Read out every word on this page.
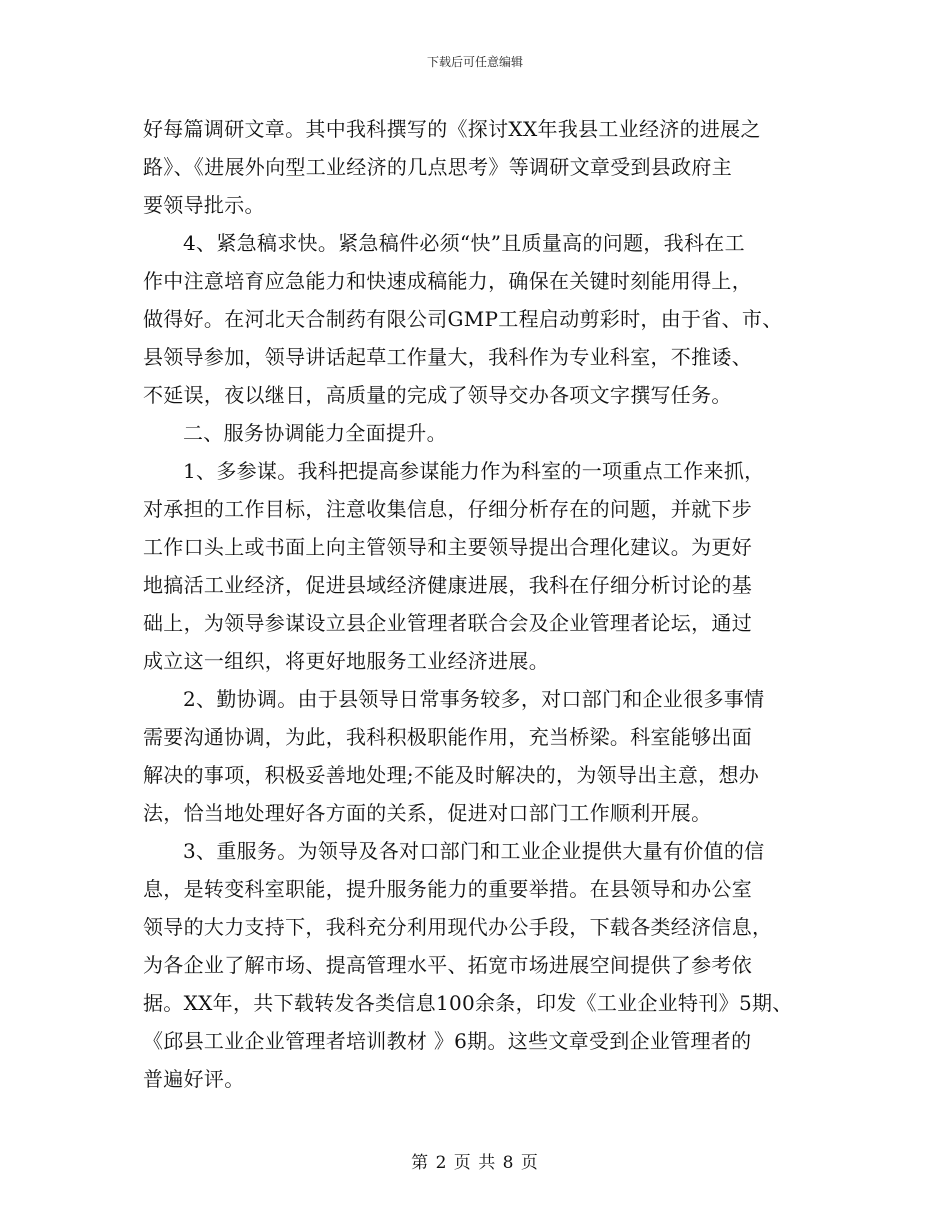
下载后可任意编辑
好每篇调研文章。其中我科撰写的《探讨XX年我县工业经济的进展之
路》、《进展外向型工业经济的几点思考》等调研文章受到县政府主
要领导批示。
4、紧急稿求快。紧急稿件必须“快”且质量高的问题，我科在工
作中注意培育应急能力和快速成稿能力，确保在关键时刻能用得上，
做得好。在河北天合制药有限公司GMP工程启动剪彩时，由于省、市、
县领导参加，领导讲话起草工作量大，我科作为专业科室，不推诿、
不延误，夜以继日，高质量的完成了领导交办各项文字撰写任务。
二、服务协调能力全面提升。
1、多参谋。我科把提高参谋能力作为科室的一项重点工作来抓，
对承担的工作目标，注意收集信息，仔细分析存在的问题，并就下步
工作口头上或书面上向主管领导和主要领导提出合理化建议。为更好
地搞活工业经济，促进县域经济健康进展，我科在仔细分析讨论的基
础上，为领导参谋设立县企业管理者联合会及企业管理者论坛，通过
成立这一组织，将更好地服务工业经济进展。
2、勤协调。由于县领导日常事务较多，对口部门和企业很多事情
需要沟通协调，为此，我科积极职能作用，充当桥梁。科室能够出面
解决的事项，积极妥善地处理;不能及时解决的，为领导出主意，想办
法，恰当地处理好各方面的关系，促进对口部门工作顺利开展。
3、重服务。为领导及各对口部门和工业企业提供大量有价值的信
息，是转变科室职能，提升服务能力的重要举措。在县领导和办公室
领导的大力支持下，我科充分利用现代办公手段，下载各类经济信息，
为各企业了解市场、提高管理水平、拓宽市场进展空间提供了参考依
据。XX年，共下载转发各类信息100余条，印发《工业企业特刊》5期、
《邱县工业企业管理者培训教材 》6期。这些文章受到企业管理者的
普遍好评。
第 2 页 共 8 页
